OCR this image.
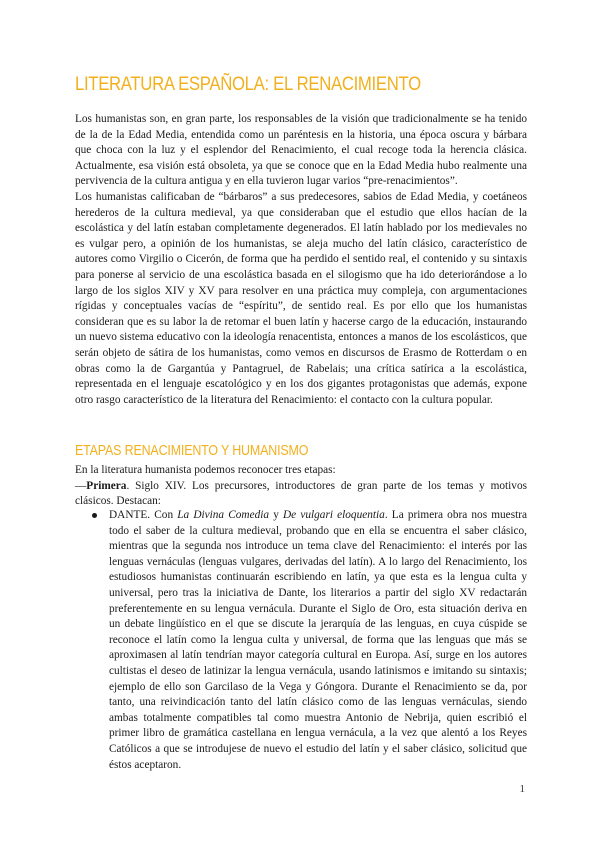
LITERATURA ESPAÑOLA: EL RENACIMIENTO

Los humanistas son, en gran parte, los responsables de la visión que tradicionalmente se ha tenido de la de la Edad Media, entendida como un paréntesis en la historia, una época oscura y bárbara que choca con la luz y el esplendor del Renacimiento, el cual recoge toda la herencia clásica. Actualmente, esa visión está obsoleta, ya que se conoce que en la Edad Media hubo realmente una pervivencia de la cultura antigua y en ella tuvieron lugar varios “pre-renacimientos”.

Los humanistas calificaban de “bárbaros” a sus predecesores, sabios de Edad Media, y coetáneos herederos de la cultura medieval, ya que consideraban que el estudio que ellos hacían de la escolástica y del latín estaban completamente degenerados. El latín hablado por los medievales no es vulgar pero, a opinión de los humanistas, se aleja mucho del latín clásico, característico de autores como Virgilio o Cicerón, de forma que ha perdido el sentido real, el contenido y su sintaxis para ponerse al servicio de una escolástica basada en el silogismo que ha ido deteriorándose a lo largo de los siglos XIV y XV para resolver en una práctica muy compleja, con argumentaciones rígidas y conceptuales vacías de “espíritu”, de sentido real. Es por ello que los humanistas consideran que es su labor la de retomar el buen latín y hacerse cargo de la educación, instaurando un nuevo sistema educativo con la ideología renacentista, entonces a manos de los escolásticos, que serán objeto de sátira de los humanistas, como vemos en discursos de Erasmo de Rotterdam o en obras como la de Gargantúa y Pantagruel, de Rabelais; una crítica satírica a la escolástica, representada en el lenguaje escatológico y en los dos gigantes protagonistas que además, expone otro rasgo característico de la literatura del Renacimiento: el contacto con la cultura popular.

ETAPAS RENACIMIENTO Y HUMANISMO

En la literatura humanista podemos reconocer tres etapas:

—Primera. Siglo XIV. Los precursores, introductores de gran parte de los temas y motivos clásicos. Destacan:

DANTE. Con La Divina Comedia y De vulgari eloquentia. La primera obra nos muestra todo el saber de la cultura medieval, probando que en ella se encuentra el saber clásico, mientras que la segunda nos introduce un tema clave del Renacimiento: el interés por las lenguas vernáculas (lenguas vulgares, derivadas del latín). A lo largo del Renacimiento, los estudiosos humanistas continuarán escribiendo en latín, ya que esta es la lengua culta y universal, pero tras la iniciativa de Dante, los literarios a partir del siglo XV redactarán preferentemente en su lengua vernácula. Durante el Siglo de Oro, esta situación deriva en un debate lingüístico en el que se discute la jerarquía de las lenguas, en cuya cúspide se reconoce el latín como la lengua culta y universal, de forma que las lenguas que más se aproximasen al latín tendrían mayor categoría cultural en Europa. Así, surge en los autores cultistas el deseo de latinizar la lengua vernácula, usando latinismos e imitando su sintaxis; ejemplo de ello son Garcilaso de la Vega y Góngora. Durante el Renacimiento se da, por tanto, una reivindicación tanto del latín clásico como de las lenguas vernáculas, siendo ambas totalmente compatibles tal como muestra Antonio de Nebrija, quien escribió el primer libro de gramática castellana en lengua vernácula, a la vez que alentó a los Reyes Católicos a que se introdujese de nuevo el estudio del latín y el saber clásico, solicitud que éstos aceptaron.
1
